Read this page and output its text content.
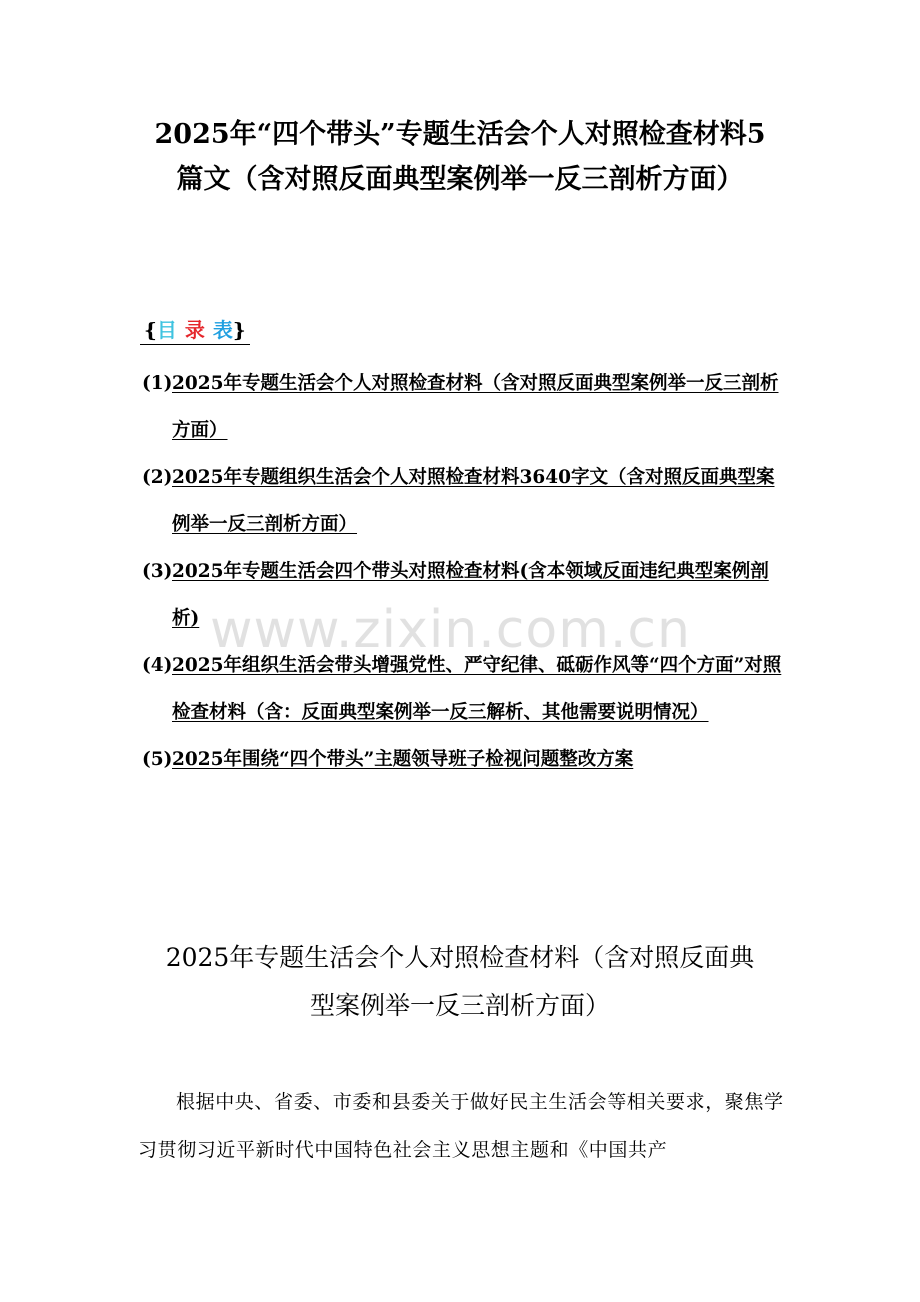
www.zixin.com.cn
2025年“四个带头”专题生活会个人对照检查材料5
篇文（含对照反面典型案例举一反三剖析方面）
{目 录 表}
(1) 2025年专题生活会个人对照检查材料（含对照反面典型案例举一反三剖析方面）
(2) 2025年专题组织生活会个人对照检查材料3640字文（含对照反面典型案例举一反三剖析方面）
(3) 2025年专题生活会四个带头对照检查材料(含本领域反面违纪典型案例剖析)
(4) 2025年组织生活会带头增强党性、严守纪律、砥砺作风等“四个方面”对照检查材料（含：反面典型案例举一反三解析、其他需要说明情况）
(5) 2025年围绕“四个带头”主题领导班子检视问题整改方案
2025年专题生活会个人对照检查材料（含对照反面典
型案例举一反三剖析方面）
根据中央、省委、市委和县委关于做好民主生活会等相关要求，聚焦学习贯彻习近平新时代中国特色社会主义思想主题和《中国共产
